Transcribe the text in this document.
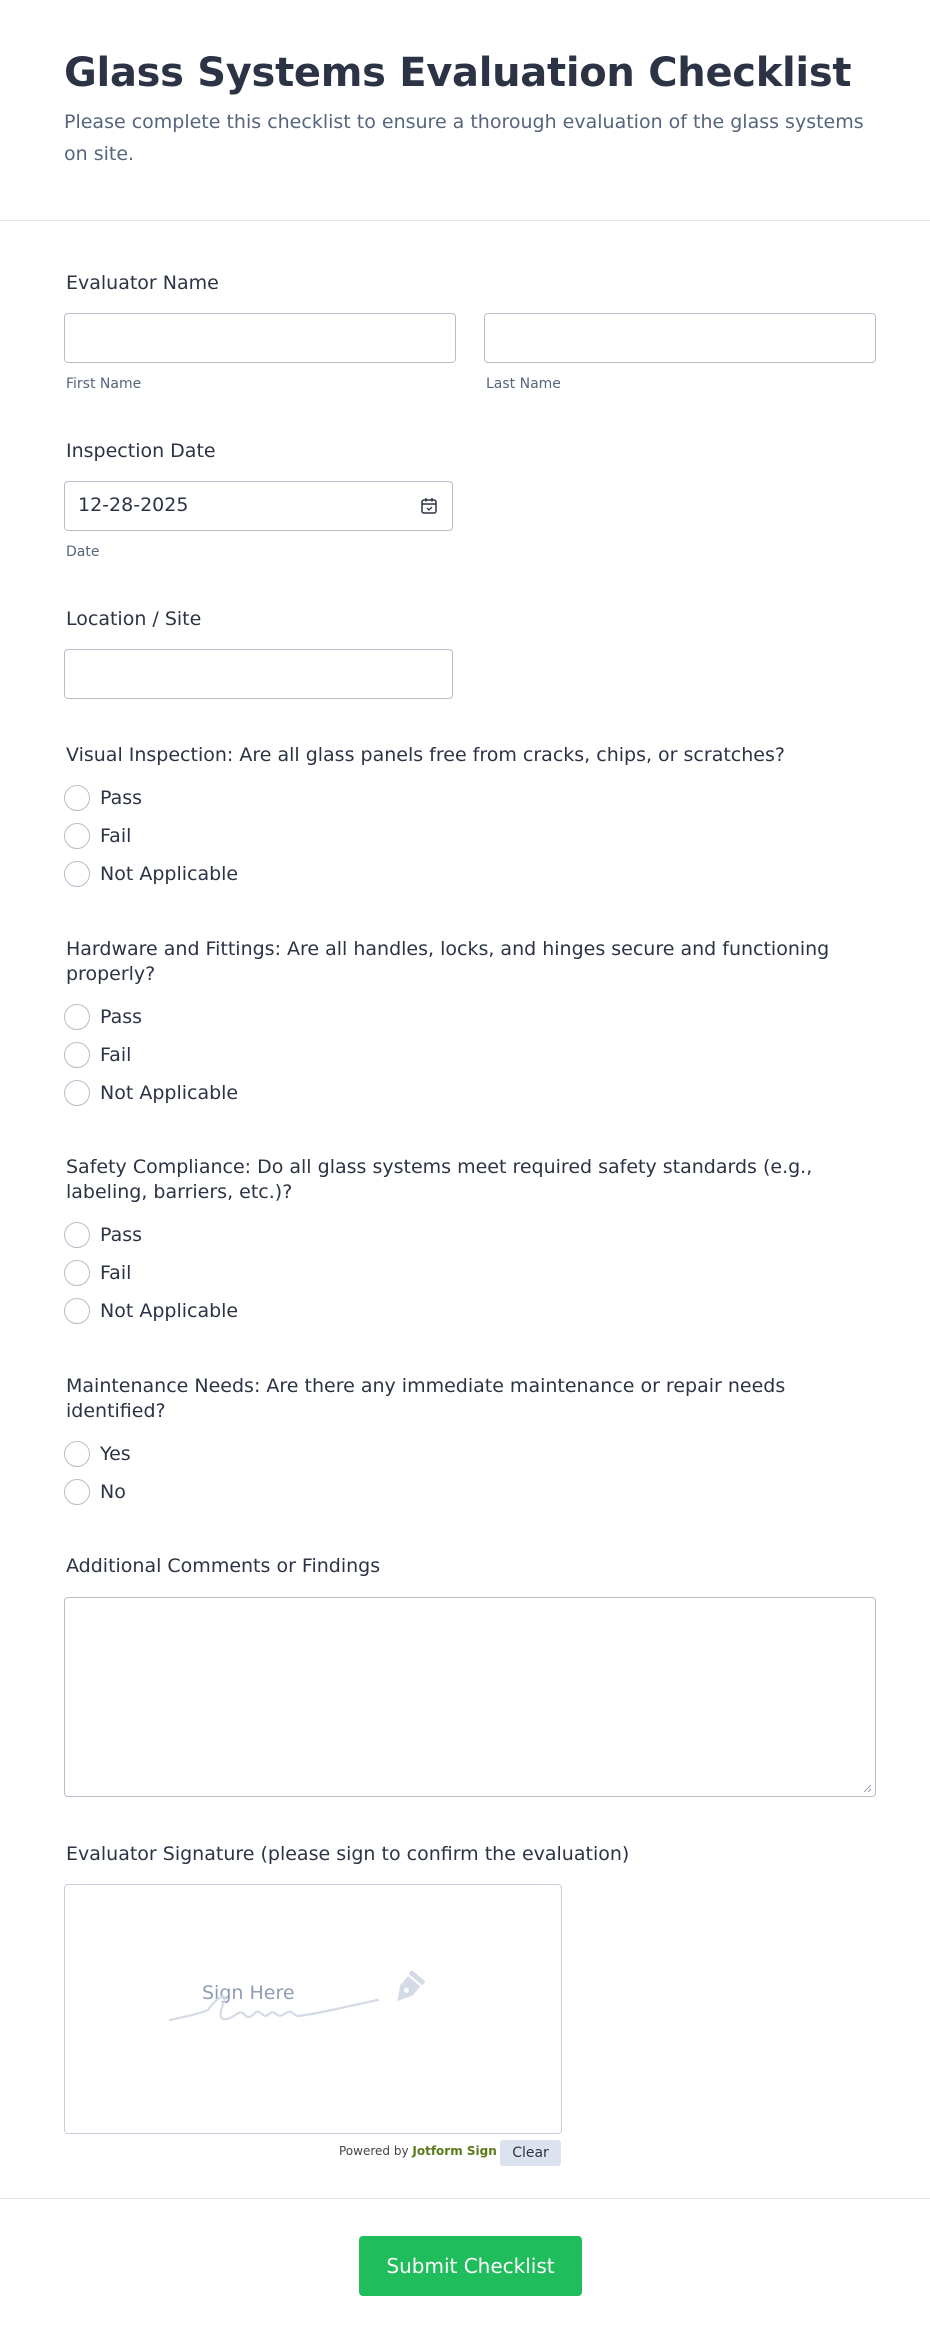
Glass Systems Evaluation Checklist
Please complete this checklist to ensure a thorough evaluation of the glass systems on site.
Evaluator Name
First Name	Last Name
Inspection Date
12-28-2025
Date
Location / Site
Visual Inspection: Are all glass panels free from cracks, chips, or scratches?
Pass
Fail
Not Applicable
Hardware and Fittings: Are all handles, locks, and hinges secure and functioning properly?
Pass
Fail
Not Applicable
Safety Compliance: Do all glass systems meet required safety standards (e.g., labeling, barriers, etc.)?
Pass
Fail
Not Applicable
Maintenance Needs: Are there any immediate maintenance or repair needs identified?
Yes
No
Additional Comments or Findings
Evaluator Signature (please sign to confirm the evaluation)
Sign Here
Powered by Jotform Sign	Clear
Submit Checklist
